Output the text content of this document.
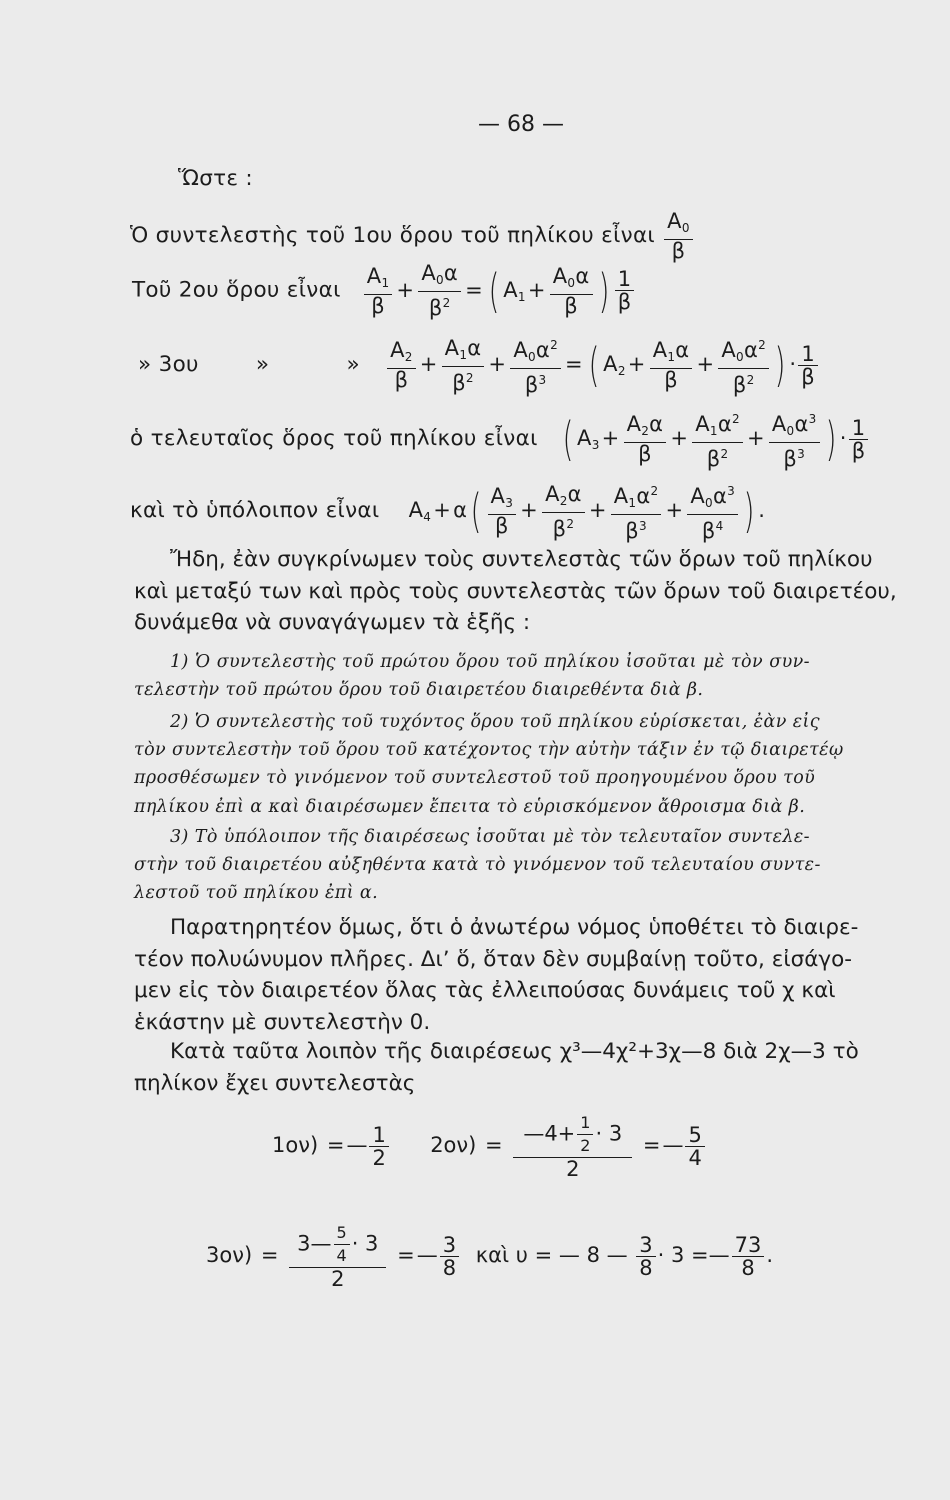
— 68 —
Ὥστε :
Ὁ συντελεστὴς τοῦ 1ου ὅρου τοῦ πηλίκου εἶναι $\frac{A_0}{\beta}$
Τοῦ 2ου ὅρου εἶναι $\frac{A_1}{\beta} + \frac{A_0\alpha}{\beta^2}$ = ( $A_1+ \frac{A_0\alpha}{\beta}$ ) $\frac{1}{\beta}$
» 3ου	»	» $\frac{A_2}{\beta} + \frac{A_1\alpha}{\beta^2} + \frac{A_0\alpha^2}{\beta^3}$ = ( $A_2+ \frac{A_1\alpha}{\beta} + \frac{A_0\alpha^2}{\beta^2}$ ) · $\frac{1}{\beta}$
ὁ τελευταῖος ὅρος τοῦ πηλίκου εἶναι ( $A_3+ \frac{A_2\alpha}{\beta} + \frac{A_1\alpha^2}{\beta^2} + \frac{A_0\alpha^3}{\beta^3}$ ) · $\frac{1}{\beta}$
καὶ τὸ ὑπόλοιπον εἶναι $A_4+\alpha( \frac{A_3}{\beta} + \frac{A_2\alpha}{\beta^2} + \frac{A_1\alpha^2}{\beta^3} + \frac{A_0\alpha^3}{\beta^4}$ ) .
Ἤδη, ἐὰν συγκρίνωμεν τοὺς συντελεστὰς τῶν ὅρων τοῦ πηλίκου
καὶ μεταξύ των καὶ πρὸς τοὺς συντελεστὰς τῶν ὅρων τοῦ διαιρετέου,
δυνάμεθα νὰ συναγάγωμεν τὰ ἑξῆς :
1) Ὁ συντελεστὴς τοῦ πρώτου ὅρου τοῦ πηλίκου ἰσοῦται μὲ τὸν συν-
τελεστὴν τοῦ πρώτου ὅρου τοῦ διαιρετέου διαιρεθέντα διὰ β.
2) Ὁ συντελεστὴς τοῦ τυχόντος ὅρου τοῦ πηλίκου εὑρίσκεται, ἐὰν εἰς
τὸν συντελεστὴν τοῦ ὅρου τοῦ κατέχοντος τὴν αὐτὴν τάξιν ἐν τῷ διαιρετέῳ
προσθέσωμεν τὸ γινόμενον τοῦ συντελεστοῦ τοῦ προηγουμένου ὅρου τοῦ
πηλίκου ἐπὶ α καὶ διαιρέσωμεν ἔπειτα τὸ εὑρισκόμενον ἄθροισμα διὰ β.
3) Τὸ ὑπόλοιπον τῆς διαιρέσεως ἰσοῦται μὲ τὸν τελευταῖον συντελε-
στὴν τοῦ διαιρετέου αὐξηθέντα κατὰ τὸ γινόμενον τοῦ τελευταίου συντε-
λεστοῦ τοῦ πηλίκου ἐπὶ α.
Παρατηρητέον ὅμως, ὅτι ὁ ἀνωτέρω νόμος ὑποθέτει τὸ διαιρε-
τέον πολυώνυμον πλῆρες. Διʼ ὅ, ὅταν δὲν συμβαίνῃ τοῦτο, εἰσάγο-
μεν εἰς τὸν διαιρετέον ὅλας τὰς ἐλλειπούσας δυνάμεις τοῦ χ καὶ
ἑκάστην μὲ συντελεστὴν 0.
Κατὰ ταῦτα λοιπὸν τῆς διαιρέσεως χ³—4χ²+3χ—8 διὰ 2χ—3 τὸ
πηλίκον ἔχει συντελεστὰς
1ον) =— $\frac{1}{2} 2o\nu) = \frac{—4+ \frac{1}{2} \cdot 3}{2}$ =— $\frac{5}{4}$
$3o\nu) = \frac{3— \frac{5}{4} \cdot 3}{2}$ =— $\frac{3}{8}$ καὶ υ = — 8 — $\frac{3}{8} \cdot 3$ =— $\frac{73}{8}$ .
